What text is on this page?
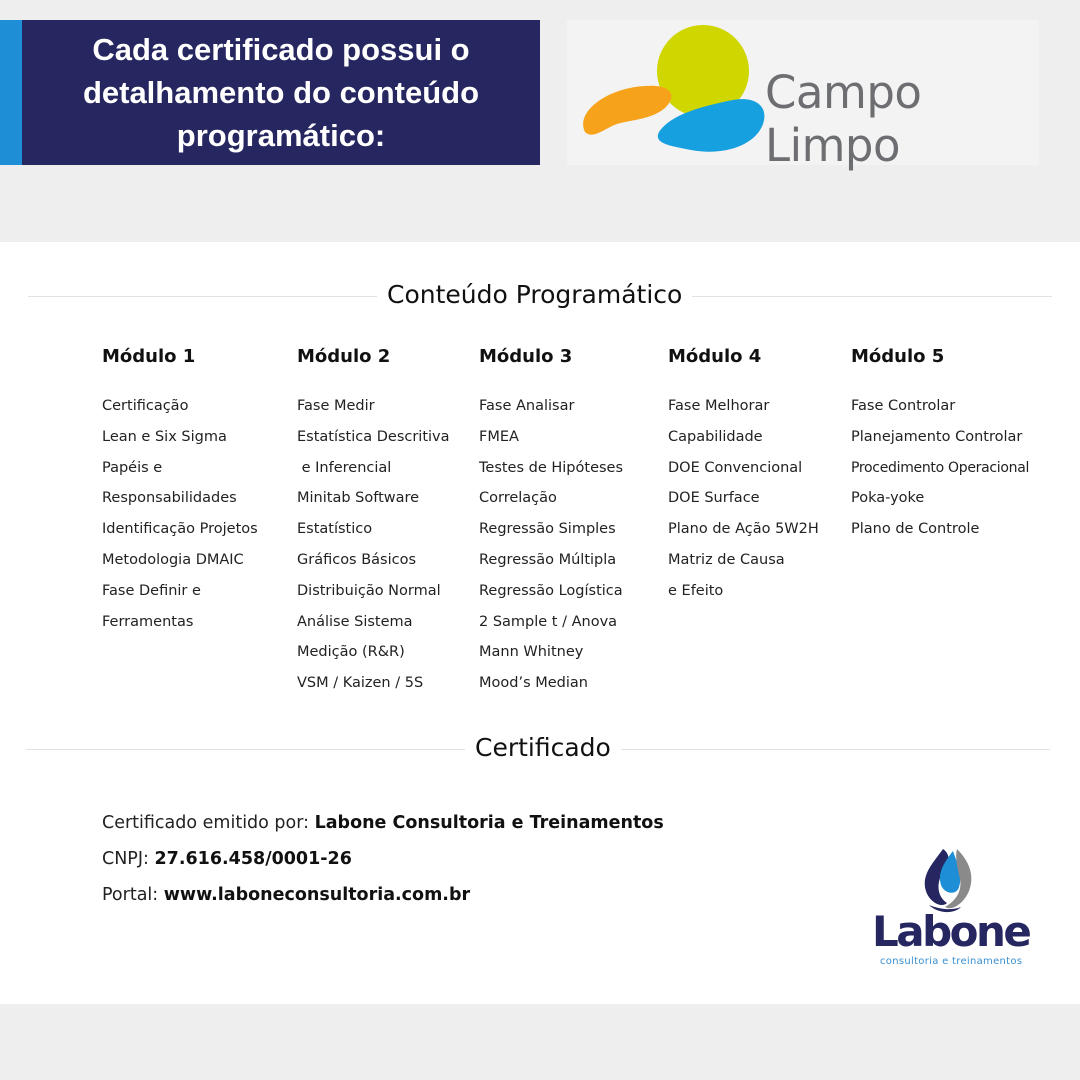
Cada certificado possui o
detalhamento do conteúdo
programático:
Campo Limpo
Conteúdo Programático
Módulo 1
Certificação
Lean e Six Sigma
Papéis e
Responsabilidades
Identificação Projetos
Metodologia DMAIC
Fase Definir e
Ferramentas
Módulo 2
Fase Medir
Estatística Descritiva
e Inferencial
Minitab Software
Estatístico
Gráficos Básicos
Distribuição Normal
Análise Sistema
Medição (R&R)
VSM / Kaizen / 5S
Módulo 3
Fase Analisar
FMEA
Testes de Hipóteses
Correlação
Regressão Simples
Regressão Múltipla
Regressão Logística
2 Sample t / Anova
Mann Whitney
Mood’s Median
Módulo 4
Fase Melhorar
Capabilidade
DOE Convencional
DOE Surface
Plano de Ação 5W2H
Matriz de Causa
e Efeito
Módulo 5
Fase Controlar
Planejamento Controlar
Procedimento Operacional
Poka-yoke
Plano de Controle
Certificado
Certificado emitido por: Labone Consultoria e Treinamentos
CNPJ: 27.616.458/0001-26
Portal: www.laboneconsultoria.com.br
Labone
consultoria e treinamentos
